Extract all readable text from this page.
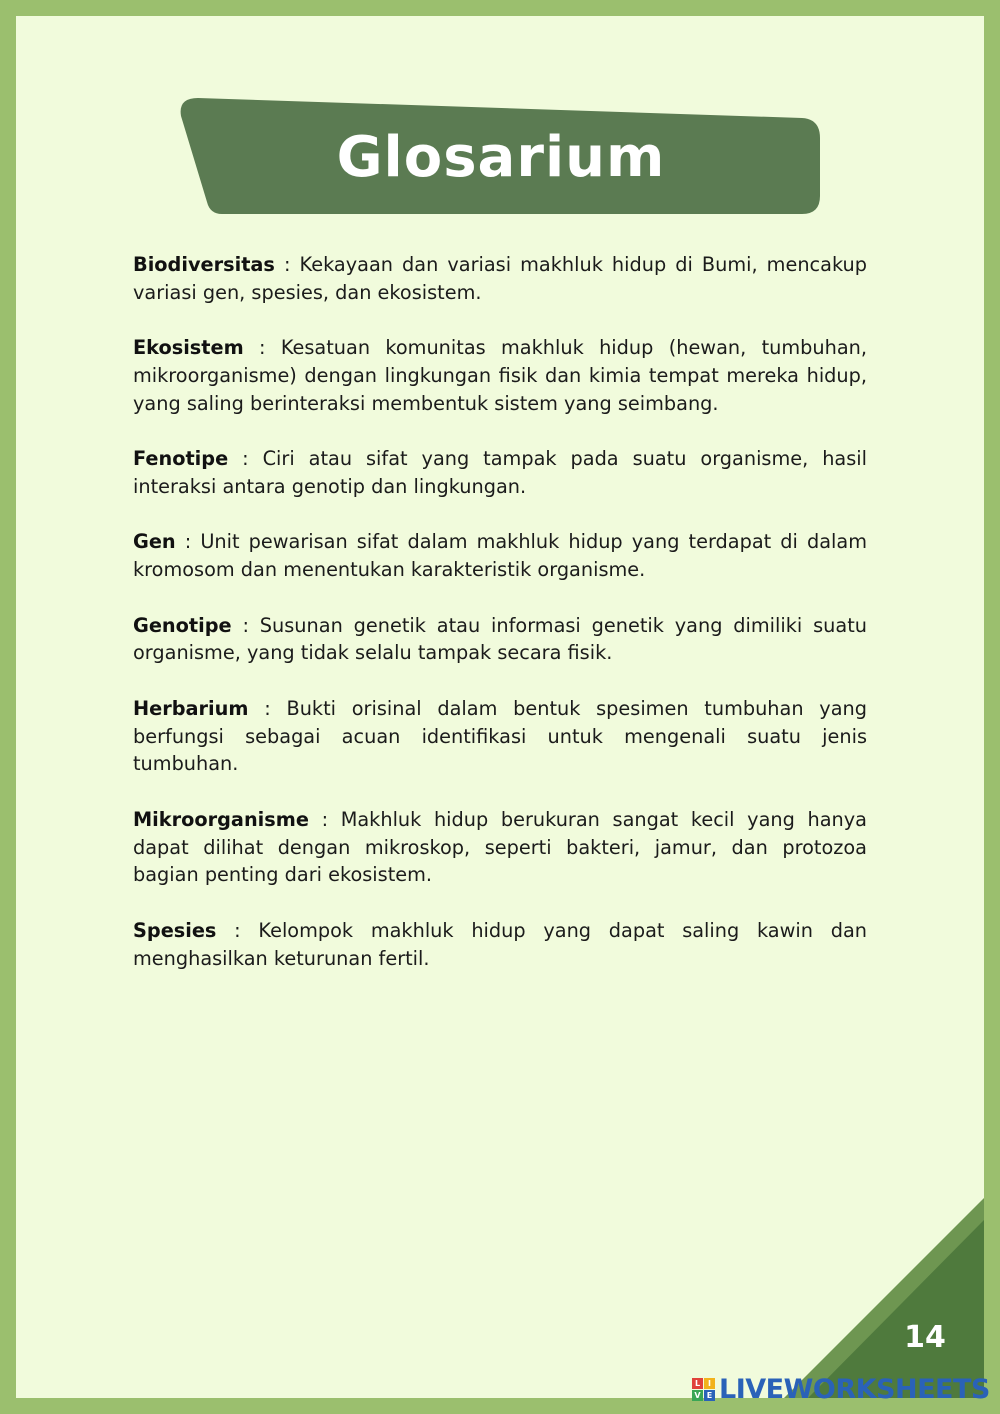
Glosarium

Biodiversitas : Kekayaan dan variasi makhluk hidup di Bumi, mencakup variasi gen, spesies, dan ekosistem.

Ekosistem : Kesatuan komunitas makhluk hidup (hewan, tumbuhan, mikroorganisme) dengan lingkungan fisik dan kimia tempat mereka hidup, yang saling berinteraksi membentuk sistem yang seimbang.

Fenotipe : Ciri atau sifat yang tampak pada suatu organisme, hasil interaksi antara genotip dan lingkungan.

Gen : Unit pewarisan sifat dalam makhluk hidup yang terdapat di dalam kromosom dan menentukan karakteristik organisme.

Genotipe : Susunan genetik atau informasi genetik yang dimiliki suatu organisme, yang tidak selalu tampak secara fisik.

Herbarium : Bukti orisinal dalam bentuk spesimen tumbuhan yang berfungsi sebagai acuan identifikasi untuk mengenali suatu jenis tumbuhan.

Mikroorganisme : Makhluk hidup berukuran sangat kecil yang hanya dapat dilihat dengan mikroskop, seperti bakteri, jamur, dan protozoa bagian penting dari ekosistem.

Spesies : Kelompok makhluk hidup yang dapat saling kawin dan menghasilkan keturunan fertil.

14
L I
V E LIVEWORKSHEETS
